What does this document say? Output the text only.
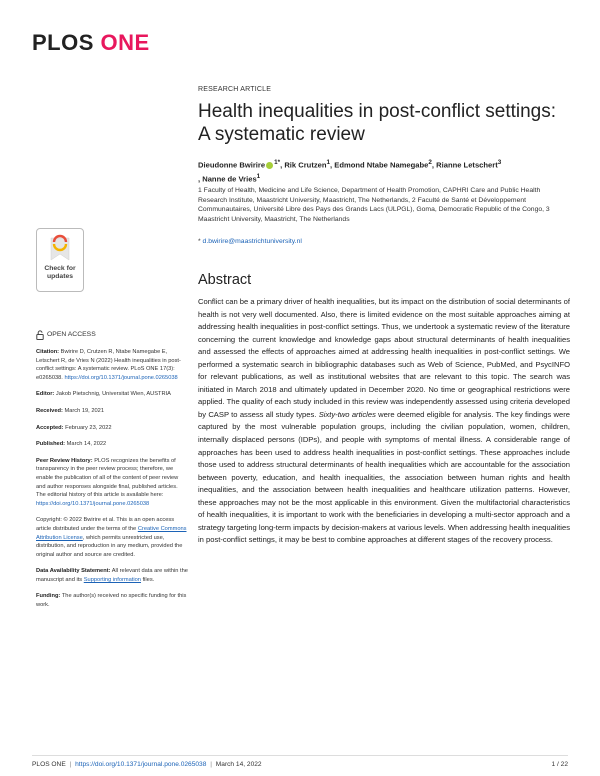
PLOS ONE
RESEARCH ARTICLE
Health inequalities in post-conflict settings:
A systematic review
Dieudonne Bwirire $^{1*}$, Rik Crutzen$^1$, Edmond Ntabe Namegabe$^2$, Rianne Letschert$^3$
, Nanne de Vries$^1$
1 Faculty of Health, Medicine and Life Science, Department of Health Promotion, CAPHRI Care and Public Health Research Institute, Maastricht University, Maastricht, The Netherlands, 2 Faculté de Santé et Développement Communautaires, Université Libre des Pays des Grands Lacs (ULPGL), Goma, Democratic Republic of the Congo, 3 Maastricht University, Maastricht, The Netherlands
* d.bwirire@maastrichtuniversity.nl
Check for
updates
OPEN ACCESS

Citation: Bwirire D, Crutzen R, Ntabe Namegabe E, Letschert R, de Vries N (2022) Health inequalities in post-conflict settings: A systematic review. PLoS ONE 17(3): e0265038. https://doi.org/10.1371/journal.pone.0265038

Editor: Jakob Pietschnig, Universitat Wien, AUSTRIA

Received: March 19, 2021

Accepted: February 23, 2022

Published: March 14, 2022

Peer Review History: PLOS recognizes the benefits of transparency in the peer review process; therefore, we enable the publication of all of the content of peer review and author responses alongside final, published articles. The editorial history of this article is available here: https://doi.org/10.1371/journal.pone.0265038

Copyright: © 2022 Bwirire et al. This is an open access article distributed under the terms of the Creative Commons Attribution License, which permits unrestricted use, distribution, and reproduction in any medium, provided the original author and source are credited.

Data Availability Statement: All relevant data are within the manuscript and its Supporting information files.

Funding: The author(s) received no specific funding for this work.

Abstract
Conflict can be a primary driver of health inequalities, but its impact on the distribution of social determinants of health is not very well documented. Also, there is limited evidence on the most suitable approaches aiming at addressing health inequalities in post-conflict settings. Thus, we undertook a systematic review of the literature concerning the current knowledge and knowledge gaps about structural determinants of health inequalities and assessed the effects of approaches aimed at addressing health inequalities in post-conflict settings. We performed a systematic search in bibliographic databases such as Web of Science, PubMed, and PsycINFO for relevant publications, as well as institutional websites that are relevant to this topic. The search was initiated in March 2018 and ultimately updated in December 2020. No time or geographical restrictions were applied. The quality of each study included in this review was independently assessed using criteria developed by CASP to assess all study types. Sixty-two articles were deemed eligible for analysis. The key findings were captured by the most vulnerable population groups, including the civilian population, women, children, internally displaced persons (IDPs), and people with symptoms of mental illness. A considerable range of approaches has been used to address health inequalities in post-conflict settings. These approaches include those used to address structural determinants of health inequalities which are accountable for the association between poverty, education, and health inequalities, the association between human rights and health inequalities, and the association between health inequalities and healthcare utilization patterns. However, these approaches may not be the most applicable in this environment. Given the multifactorial characteristics of health inequalities, it is important to work with the beneficiaries in developing a multi-sector approach and a strategy targeting long-term impacts by decision-makers at various levels. When addressing health inequalities in post-conflict settings, it may be best to combine approaches at different stages of the recovery process.
PLOS ONE | https://doi.org/10.1371/journal.pone.0265038 | March 14, 2022	1 / 22
